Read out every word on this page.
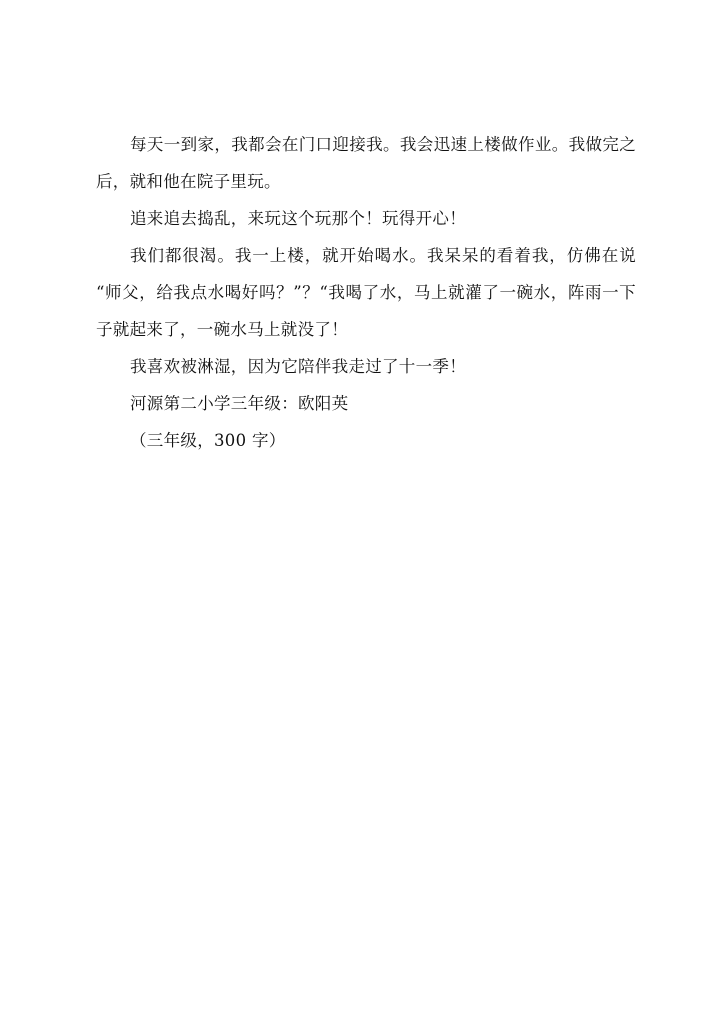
每天一到家，我都会在门口迎接我。我会迅速上楼做作业。我做完之后，就和他在院子里玩。

追来追去捣乱，来玩这个玩那个！玩得开心！

我们都很渴。我一上楼，就开始喝水。我呆呆的看着我，仿佛在说 “师父，给我点水喝好吗？”？“我喝了水，马上就灌了一碗水，阵雨一下子就起来了，一碗水马上就没了！

我喜欢被淋湿，因为它陪伴我走过了十一季！

河源第二小学三年级：欧阳英

（三年级，300 字）
